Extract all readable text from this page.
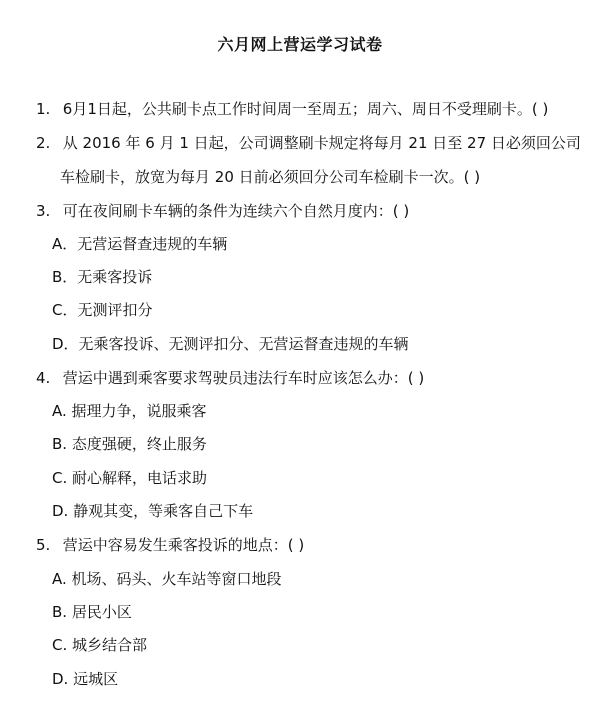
六月网上营运学习试卷
1. 6月1日起，公共刷卡点工作时间周一至周五；周六、周日不受理刷卡。( )
2. 从 2016 年 6 月 1 日起，公司调整刷卡规定将每月 21 日至 27 日必须回公司
车检刷卡，放宽为每月 20 日前必须回分公司车检刷卡一次。( )
3. 可在夜间刷卡车辆的条件为连续六个自然月度内：( )
A．无营运督查违规的车辆
B．无乘客投诉
C．无测评扣分
D．无乘客投诉、无测评扣分、无营运督查违规的车辆
4. 营运中遇到乘客要求驾驶员违法行车时应该怎么办：( )
A. 据理力争，说服乘客
B. 态度强硬，终止服务
C. 耐心解释，电话求助
D. 静观其变，等乘客自己下车
5. 营运中容易发生乘客投诉的地点：( )
A. 机场、码头、火车站等窗口地段
B. 居民小区
C. 城乡结合部
D. 远城区
